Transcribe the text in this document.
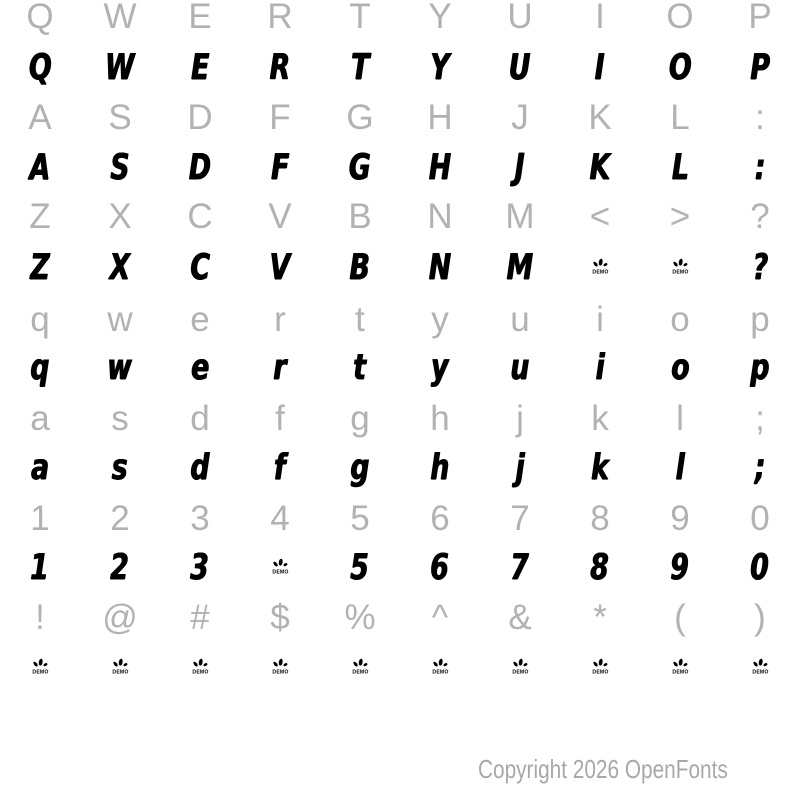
Q W E R T Y U I O P
Q W E R T Y U I O P
A S D F G H J K L :
A S D F G H J K L :
Z X C V B N M < > ?
Z X C V B N M	DEMO	DEMO ?
q w e r t y u i o p
q w e r t y u i o p
a s d f g h j k l ;
a s d f g h j k l ;
1 2 3 4 5 6 7 8 9 0
1 2 3	DEMO 5 6 7 8 9 0
! @ # $ % ^ & * ( )
DEMO	DEMO	DEMO	DEMO	DEMO	DEMO	DEMO	DEMO	DEMO	DEMO
Copyright 2026 OpenFonts
